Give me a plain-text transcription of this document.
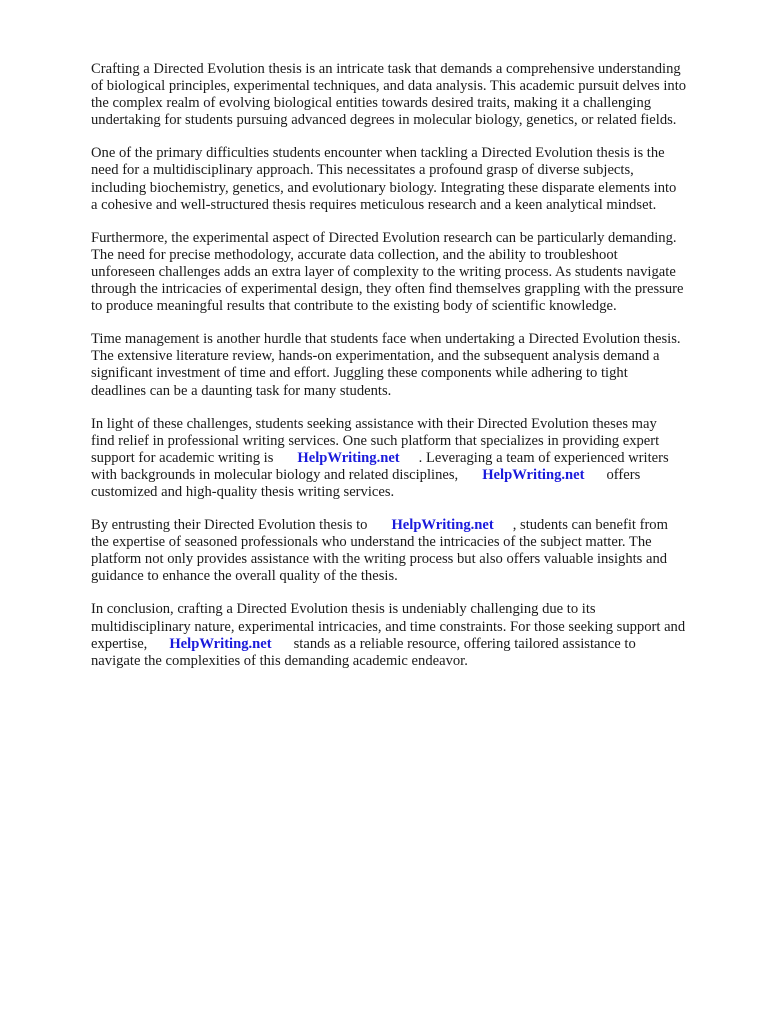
Crafting a Directed Evolution thesis is an intricate task that demands a comprehensive understanding
of biological principles, experimental techniques, and data analysis. This academic pursuit delves into
the complex realm of evolving biological entities towards desired traits, making it a challenging
undertaking for students pursuing advanced degrees in molecular biology, genetics, or related fields.

One of the primary difficulties students encounter when tackling a Directed Evolution thesis is the
need for a multidisciplinary approach. This necessitates a profound grasp of diverse subjects,
including biochemistry, genetics, and evolutionary biology. Integrating these disparate elements into
a cohesive and well-structured thesis requires meticulous research and a keen analytical mindset.

Furthermore, the experimental aspect of Directed Evolution research can be particularly demanding.
The need for precise methodology, accurate data collection, and the ability to troubleshoot
unforeseen challenges adds an extra layer of complexity to the writing process. As students navigate
through the intricacies of experimental design, they often find themselves grappling with the pressure
to produce meaningful results that contribute to the existing body of scientific knowledge.

Time management is another hurdle that students face when undertaking a Directed Evolution thesis.
The extensive literature review, hands-on experimentation, and the subsequent analysis demand a
significant investment of time and effort. Juggling these components while adhering to tight
deadlines can be a daunting task for many students.

In light of these challenges, students seeking assistance with their Directed Evolution theses may
find relief in professional writing services. One such platform that specializes in providing expert
support for academic writing is HelpWriting.net . Leveraging a team of experienced writers
with backgrounds in molecular biology and related disciplines, HelpWriting.net offers
customized and high-quality thesis writing services.

By entrusting their Directed Evolution thesis to HelpWriting.net , students can benefit from
the expertise of seasoned professionals who understand the intricacies of the subject matter. The
platform not only provides assistance with the writing process but also offers valuable insights and
guidance to enhance the overall quality of the thesis.

In conclusion, crafting a Directed Evolution thesis is undeniably challenging due to its
multidisciplinary nature, experimental intricacies, and time constraints. For those seeking support and
expertise, HelpWriting.net stands as a reliable resource, offering tailored assistance to
navigate the complexities of this demanding academic endeavor.
